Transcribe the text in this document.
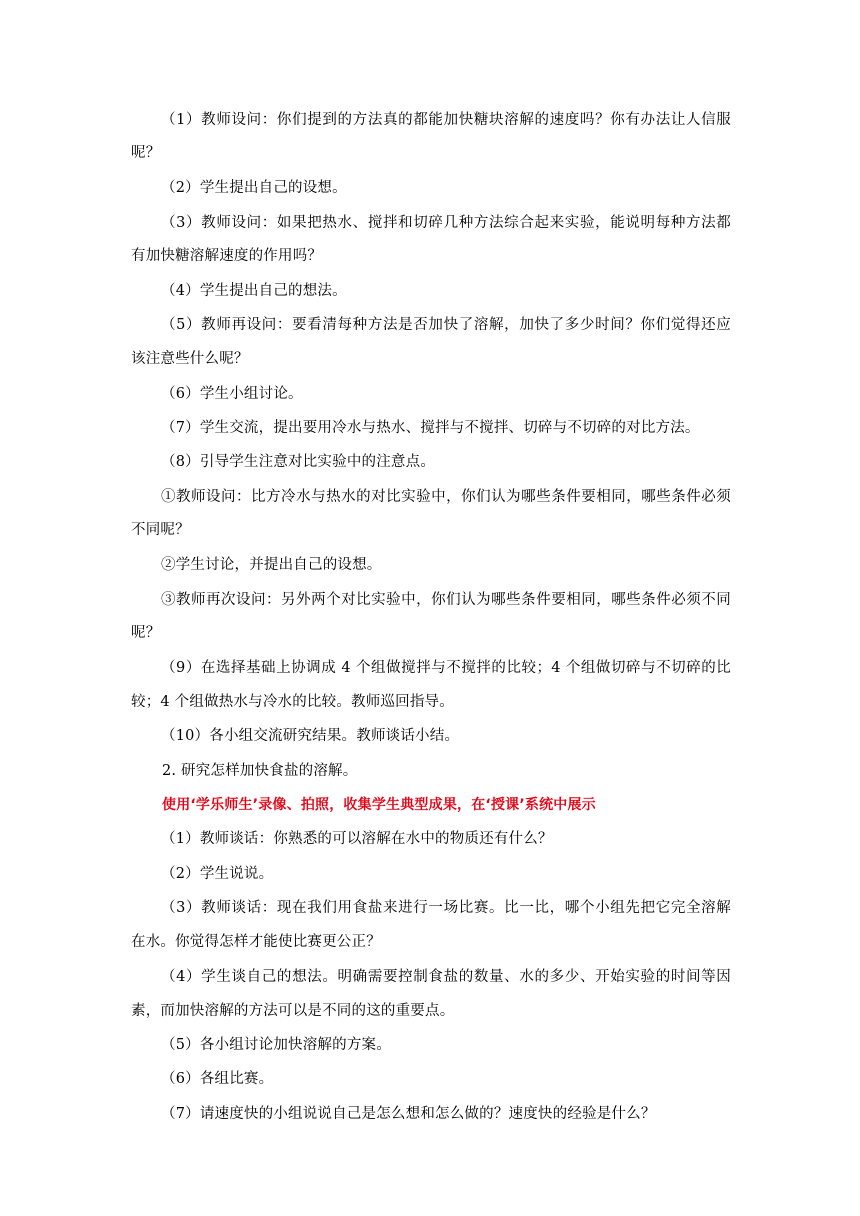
（1）教师设问：你们提到的方法真的都能加快糖块溶解的速度吗？你有办法让人信服
呢？
（2）学生提出自己的设想。
（3）教师设问：如果把热水、搅拌和切碎几种方法综合起来实验，能说明每种方法都
有加快糖溶解速度的作用吗？
（4）学生提出自己的想法。
（5）教师再设问：要看清每种方法是否加快了溶解，加快了多少时间？你们觉得还应
该注意些什么呢？
（6）学生小组讨论。
（7）学生交流，提出要用冷水与热水、搅拌与不搅拌、切碎与不切碎的对比方法。
（8）引导学生注意对比实验中的注意点。
①教师设问：比方冷水与热水的对比实验中，你们认为哪些条件要相同，哪些条件必须
不同呢？
②学生讨论，并提出自己的设想。
③教师再次设问：另外两个对比实验中，你们认为哪些条件要相同，哪些条件必须不同
呢？
（9）在选择基础上协调成 4 个组做搅拌与不搅拌的比较；4 个组做切碎与不切碎的比
较；4 个组做热水与冷水的比较。教师巡回指导。
（10）各小组交流研究结果。教师谈话小结。
2. 研究怎样加快食盐的溶解。
使用‘学乐师生’录像、拍照，收集学生典型成果，在‘授课’系统中展示
（1）教师谈话：你熟悉的可以溶解在水中的物质还有什么？
（2）学生说说。
（3）教师谈话：现在我们用食盐来进行一场比赛。比一比，哪个小组先把它完全溶解
在水。你觉得怎样才能使比赛更公正？
（4）学生谈自己的想法。明确需要控制食盐的数量、水的多少、开始实验的时间等因
素，而加快溶解的方法可以是不同的这的重要点。
（5）各小组讨论加快溶解的方案。
（6）各组比赛。
（7）请速度快的小组说说自己是怎么想和怎么做的？速度快的经验是什么？
